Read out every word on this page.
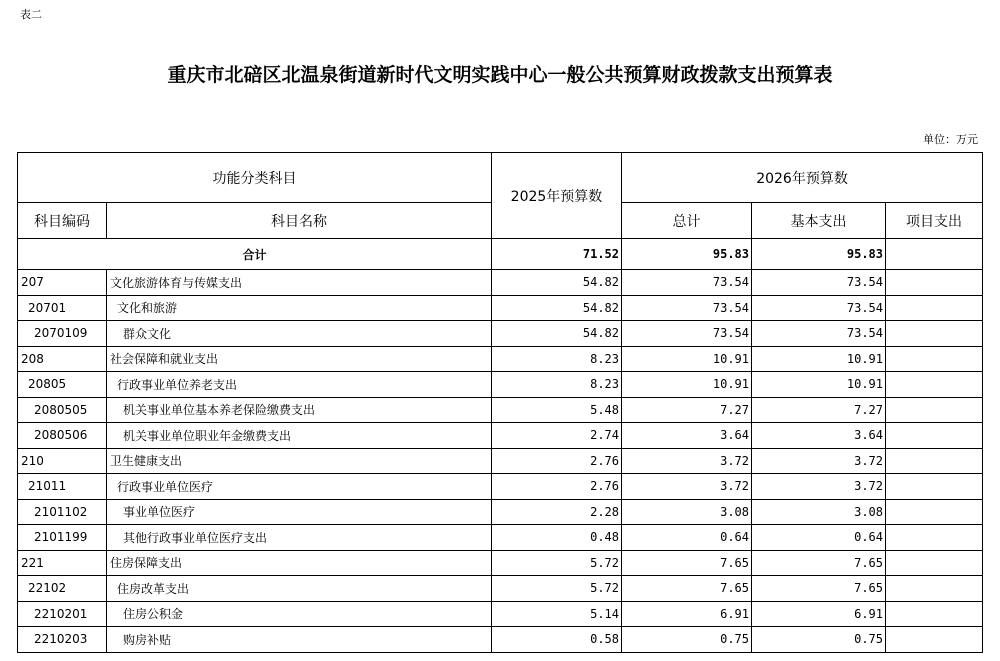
表二
重庆市北碚区北温泉街道新时代文明实践中心一般公共预算财政拨款支出预算表
单位：万元
功能分类科目		2025年预算数	2026年预算数		
科目编码	科目名称		总计	基本支出	项目支出
合计		71.52	95.83	95.83	
207	文化旅游体育与传媒支出	54.82	73.54	73.54	
20701	文化和旅游	54.82	73.54	73.54	
2070109	群众文化	54.82	73.54	73.54	
208	社会保障和就业支出	8.23	10.91	10.91	
20805	行政事业单位养老支出	8.23	10.91	10.91	
2080505	机关事业单位基本养老保险缴费支出	5.48	7.27	7.27	
2080506	机关事业单位职业年金缴费支出	2.74	3.64	3.64	
210	卫生健康支出	2.76	3.72	3.72	
21011	行政事业单位医疗	2.76	3.72	3.72	
2101102	事业单位医疗	2.28	3.08	3.08	
2101199	其他行政事业单位医疗支出	0.48	0.64	0.64	
221	住房保障支出	5.72	7.65	7.65	
22102	住房改革支出	5.72	7.65	7.65	
2210201	住房公积金	5.14	6.91	6.91	
2210203	购房补贴	0.58	0.75	0.75	
